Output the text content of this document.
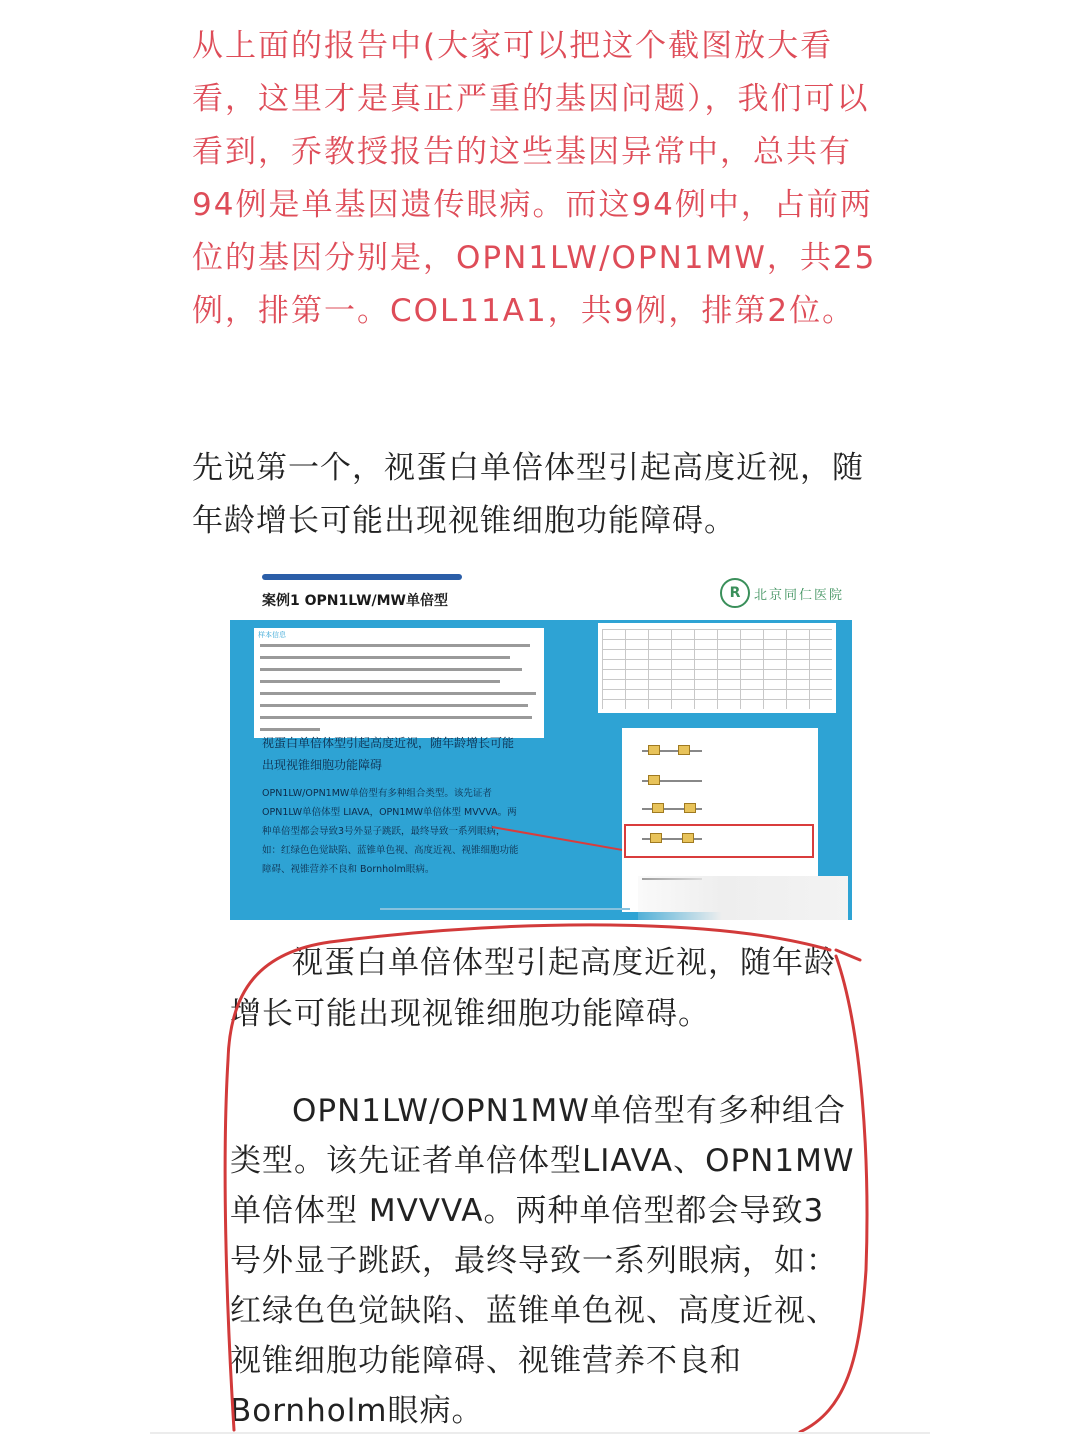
从上面的报告中(大家可以把这个截图放大看看，这里才是真正严重的基因问题），我们可以看到，乔教授报告的这些基因异常中，总共有94例是单基因遗传眼病。而这94例中，占前两位的基因分别是，OPN1LW/OPN1MW，共25例，排第一。COL11A1，共9例，排第2位。

先说第一个，视蛋白单倍体型引起高度近视，随年龄增长可能出现视锥细胞功能障碍。

案例1 OPN1LW/MW单倍型	R	北京同仁医院
样本信息
视蛋白单倍体型引起高度近视，随年龄增长可能出现视锥细胞功能障碍
OPN1LW/OPN1MW单倍型有多种组合类型。该先证者OPN1LW单倍体型 LIAVA，OPN1MW单倍体型 MVVVA。两种单倍型都会导致3号外显子跳跃，最终导致一系列眼病，如：红绿色色觉缺陷、蓝锥单色视、高度近视、视锥细胞功能障碍、视锥营养不良和 Bornholm眼病。

视蛋白单倍体型引起高度近视，随年龄增长可能出现视锥细胞功能障碍。

OPN1LW/OPN1MW单倍型有多种组合类型。该先证者单倍体型LIAVA、OPN1MW单倍体型 MVVVA。两种单倍型都会导致3号外显子跳跃，最终导致一系列眼病，如：红绿色色觉缺陷、蓝锥单色视、高度近视、视锥细胞功能障碍、视锥营养不良和Bornholm眼病。
